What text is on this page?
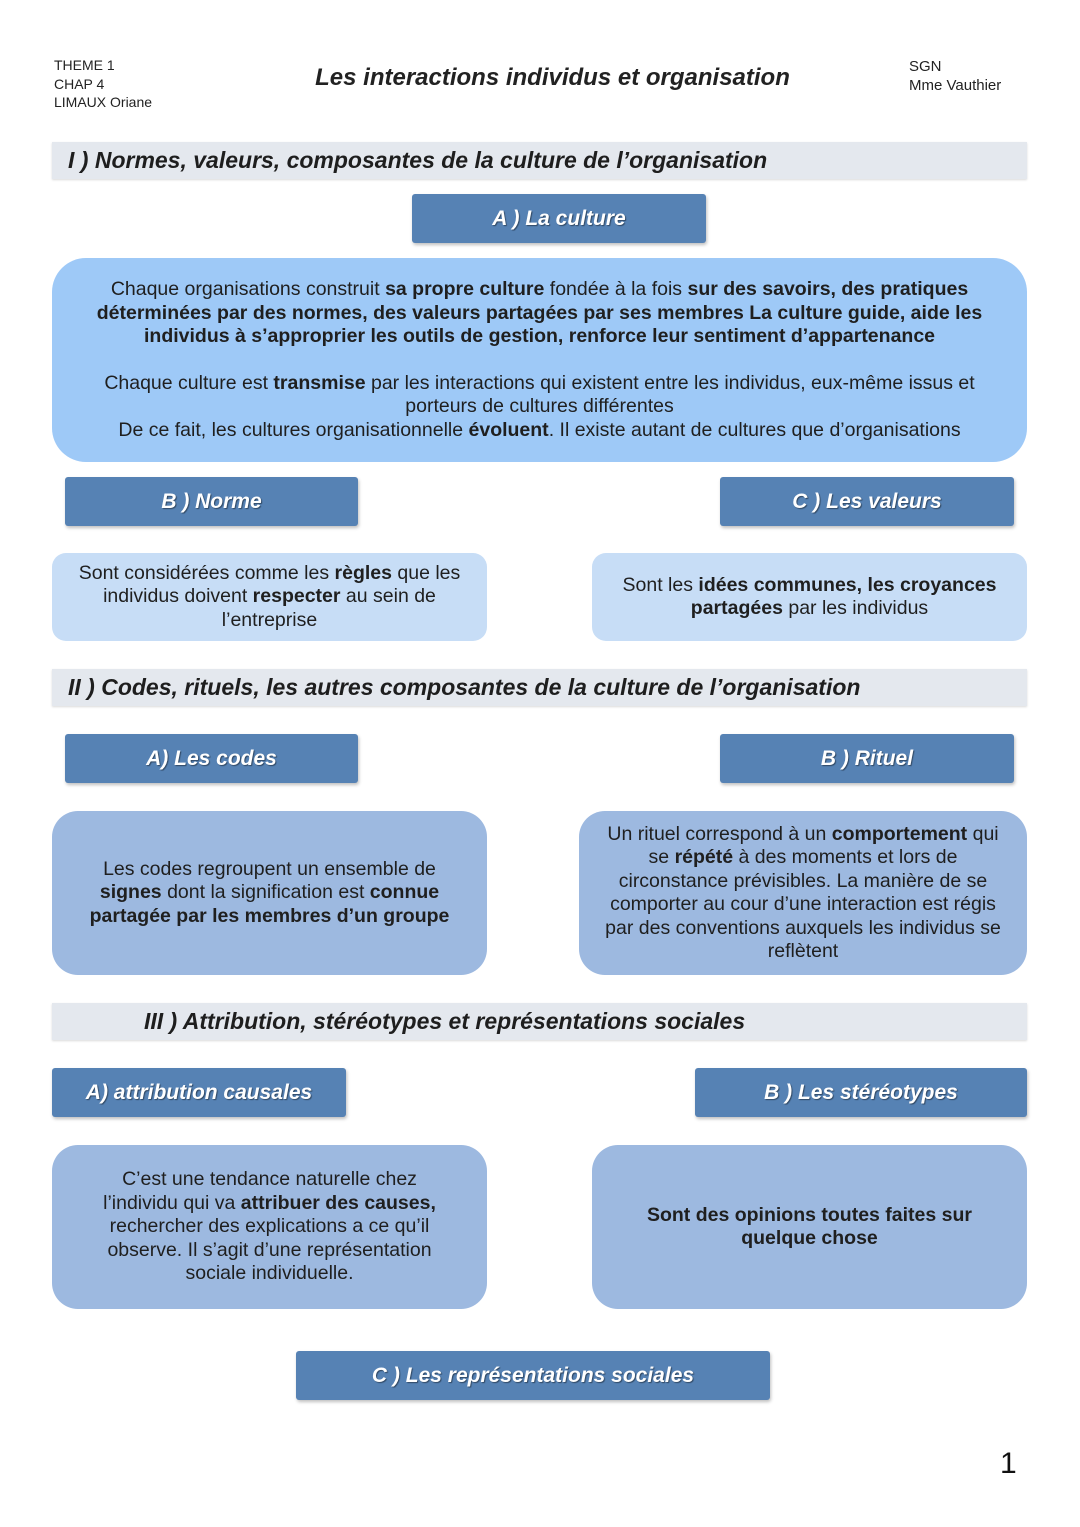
THEME 1
CHAP 4
LIMAUX Oriane
Les interactions individus et organisation	SGN
Mme Vauthier
I ) Normes, valeurs, composantes de la culture de l’organisation
A ) La culture

Chaque organisations construit sa propre culture fondée à la fois sur des savoirs, des pratiques déterminées par des normes, des valeurs partagées par ses membres La culture guide, aide les individus à s’approprier les outils de gestion, renforce leur sentiment d’appartenance

Chaque culture est transmise par les interactions qui existent entre les individus, eux-même issus et porteurs de cultures différentes

De ce fait, les cultures organisationnelle évoluent. Il existe autant de cultures que d’organisations

B ) Norme	C ) Les valeurs

Sont considérées comme les règles que les individus doivent respecter au sein de l’entreprise

Sont les idées communes, les croyances partagées par les individus

II ) Codes, rituels, les autres composantes de la culture de l’organisation
A) Les codes	B ) Rituel

Les codes regroupent un ensemble de signes dont la signification est connue partagée par les membres d’un groupe

Un rituel correspond à un comportement qui se répété à des moments et lors de circonstance prévisibles. La manière de se comporter au cour d’une interaction est régis par des conventions auxquels les individus se reflètent

III ) Attribution, stéréotypes et représentations sociales
A) attribution causales	B ) Les stéréotypes

C’est une tendance naturelle chez l’individu qui va attribuer des causes, rechercher des explications a ce qu’il observe. Il s’agit d’une représentation sociale individuelle.

Sont des opinions toutes faites sur quelque chose

C ) Les représentations sociales
1
